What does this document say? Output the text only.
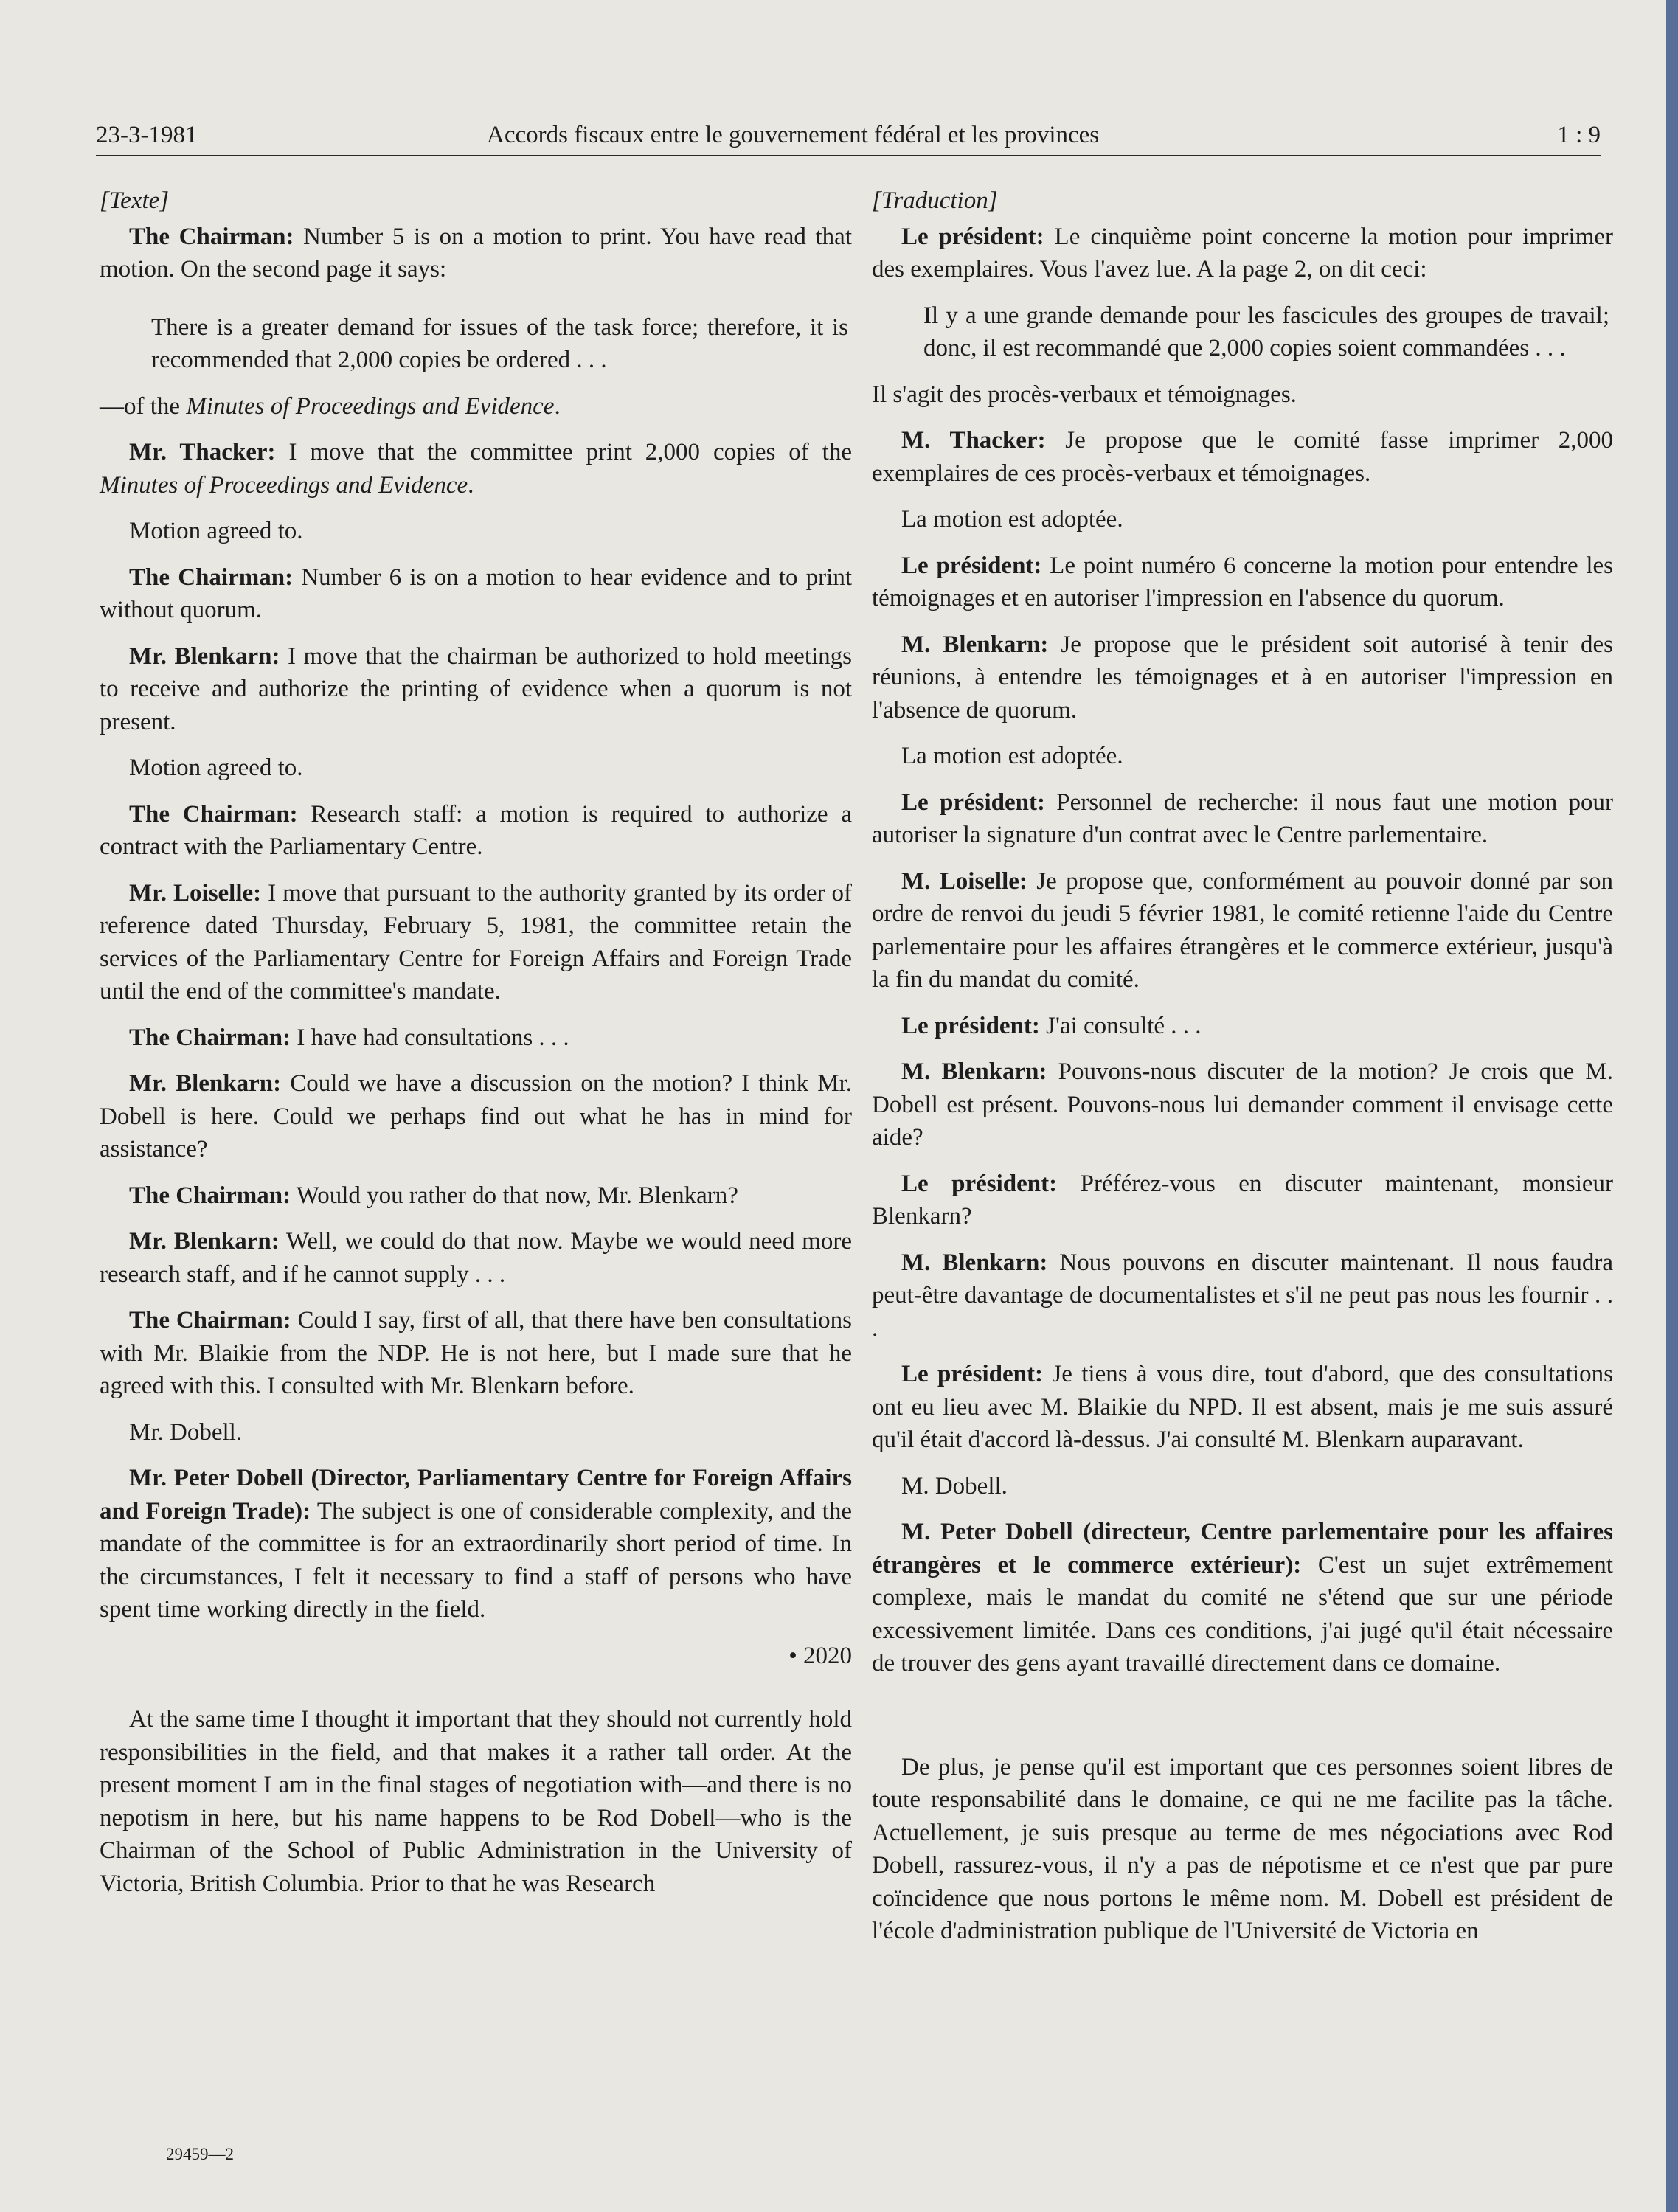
23-3-1981	Accords fiscaux entre le gouvernement fédéral et les provinces	1 : 9

[Texte]

The Chairman: Number 5 is on a motion to print. You have read that motion. On the second page it says:

There is a greater demand for issues of the task force; therefore, it is recommended that 2,000 copies be ordered . . .

—of the Minutes of Proceedings and Evidence.

Mr. Thacker: I move that the committee print 2,000 copies of the Minutes of Proceedings and Evidence.

Motion agreed to.

The Chairman: Number 6 is on a motion to hear evidence and to print without quorum.

Mr. Blenkarn: I move that the chairman be authorized to hold meetings to receive and authorize the printing of evidence when a quorum is not present.

Motion agreed to.

The Chairman: Research staff: a motion is required to authorize a contract with the Parliamentary Centre.

Mr. Loiselle: I move that pursuant to the authority granted by its order of reference dated Thursday, February 5, 1981, the committee retain the services of the Parliamentary Centre for Foreign Affairs and Foreign Trade until the end of the committee's mandate.

The Chairman: I have had consultations . . .

Mr. Blenkarn: Could we have a discussion on the motion? I think Mr. Dobell is here. Could we perhaps find out what he has in mind for assistance?

The Chairman: Would you rather do that now, Mr. Blenkarn?

Mr. Blenkarn: Well, we could do that now. Maybe we would need more research staff, and if he cannot supply . . .

The Chairman: Could I say, first of all, that there have ben consultations with Mr. Blaikie from the NDP. He is not here, but I made sure that he agreed with this. I consulted with Mr. Blenkarn before.

Mr. Dobell.

Mr. Peter Dobell (Director, Parliamentary Centre for Foreign Affairs and Foreign Trade): The subject is one of considerable complexity, and the mandate of the committee is for an extraordinarily short period of time. In the circumstances, I felt it necessary to find a staff of persons who have spent time working directly in the field.

• 2020

At the same time I thought it important that they should not currently hold responsibilities in the field, and that makes it a rather tall order. At the present moment I am in the final stages of negotiation with—and there is no nepotism in here, but his name happens to be Rod Dobell—who is the Chairman of the School of Public Administration in the University of Victoria, British Columbia. Prior to that he was Research

[Traduction]

Le président: Le cinquième point concerne la motion pour imprimer des exemplaires. Vous l'avez lue. A la page 2, on dit ceci:

Il y a une grande demande pour les fascicules des groupes de travail; donc, il est recommandé que 2,000 copies soient commandées . . .

Il s'agit des procès-verbaux et témoignages.

M. Thacker: Je propose que le comité fasse imprimer 2,000 exemplaires de ces procès-verbaux et témoignages.

La motion est adoptée.

Le président: Le point numéro 6 concerne la motion pour entendre les témoignages et en autoriser l'impression en l'absence du quorum.

M. Blenkarn: Je propose que le président soit autorisé à tenir des réunions, à entendre les témoignages et à en autoriser l'impression en l'absence de quorum.

La motion est adoptée.

Le président: Personnel de recherche: il nous faut une motion pour autoriser la signature d'un contrat avec le Centre parlementaire.

M. Loiselle: Je propose que, conformément au pouvoir donné par son ordre de renvoi du jeudi 5 février 1981, le comité retienne l'aide du Centre parlementaire pour les affaires étrangères et le commerce extérieur, jusqu'à la fin du mandat du comité.

Le président: J'ai consulté . . .

M. Blenkarn: Pouvons-nous discuter de la motion? Je crois que M. Dobell est présent. Pouvons-nous lui demander comment il envisage cette aide?

Le président: Préférez-vous en discuter maintenant, monsieur Blenkarn?

M. Blenkarn: Nous pouvons en discuter maintenant. Il nous faudra peut-être davantage de documentalistes et s'il ne peut pas nous les fournir . . .

Le président: Je tiens à vous dire, tout d'abord, que des consultations ont eu lieu avec M. Blaikie du NPD. Il est absent, mais je me suis assuré qu'il était d'accord là-dessus. J'ai consulté M. Blenkarn auparavant.

M. Dobell.

M. Peter Dobell (directeur, Centre parlementaire pour les affaires étrangères et le commerce extérieur): C'est un sujet extrêmement complexe, mais le mandat du comité ne s'étend que sur une période excessivement limitée. Dans ces conditions, j'ai jugé qu'il était nécessaire de trouver des gens ayant travaillé directement dans ce domaine.

De plus, je pense qu'il est important que ces personnes soient libres de toute responsabilité dans le domaine, ce qui ne me facilite pas la tâche. Actuellement, je suis presque au terme de mes négociations avec Rod Dobell, rassurez-vous, il n'y a pas de népotisme et ce n'est que par pure coïncidence que nous portons le même nom. M. Dobell est président de l'école d'administration publique de l'Université de Victoria en

29459—2
